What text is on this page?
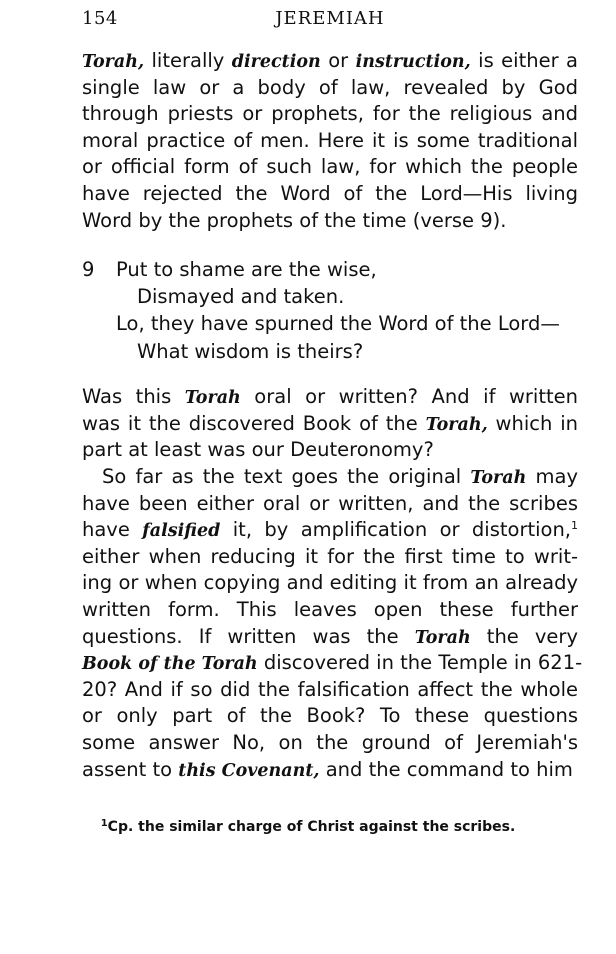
154	JEREMIAH
Torah, literally direction or instruction, is either a
single law or a body of law, revealed by God
through priests or prophets, for the religious and
moral practice of men. Here it is some traditional
or official form of such law, for which the people
have rejected the Word of the Lord—His living
Word by the prophets of the time (verse 9).
9 Put to shame are the wise,
Dismayed and taken.
Lo, they have spurned the Word of the Lord—
What wisdom is theirs?
Was this Torah oral or written? And if written
was it the discovered Book of the Torah, which in
part at least was our Deuteronomy?
So far as the text goes the original Torah may
have been either oral or written, and the scribes
have falsified it, by amplification or distortion,$^1$
either when reducing it for the first time to writ-
ing or when copying and editing it from an already
written form. This leaves open these further
questions. If written was the Torah the very
Book of the Torah discovered in the Temple in 621-
20? And if so did the falsification affect the whole
or only part of the Book? To these questions
some answer No, on the ground of Jeremiah's
assent to this Covenant, and the command to him
$^1$Cp. the similar charge of Christ against the scribes.
